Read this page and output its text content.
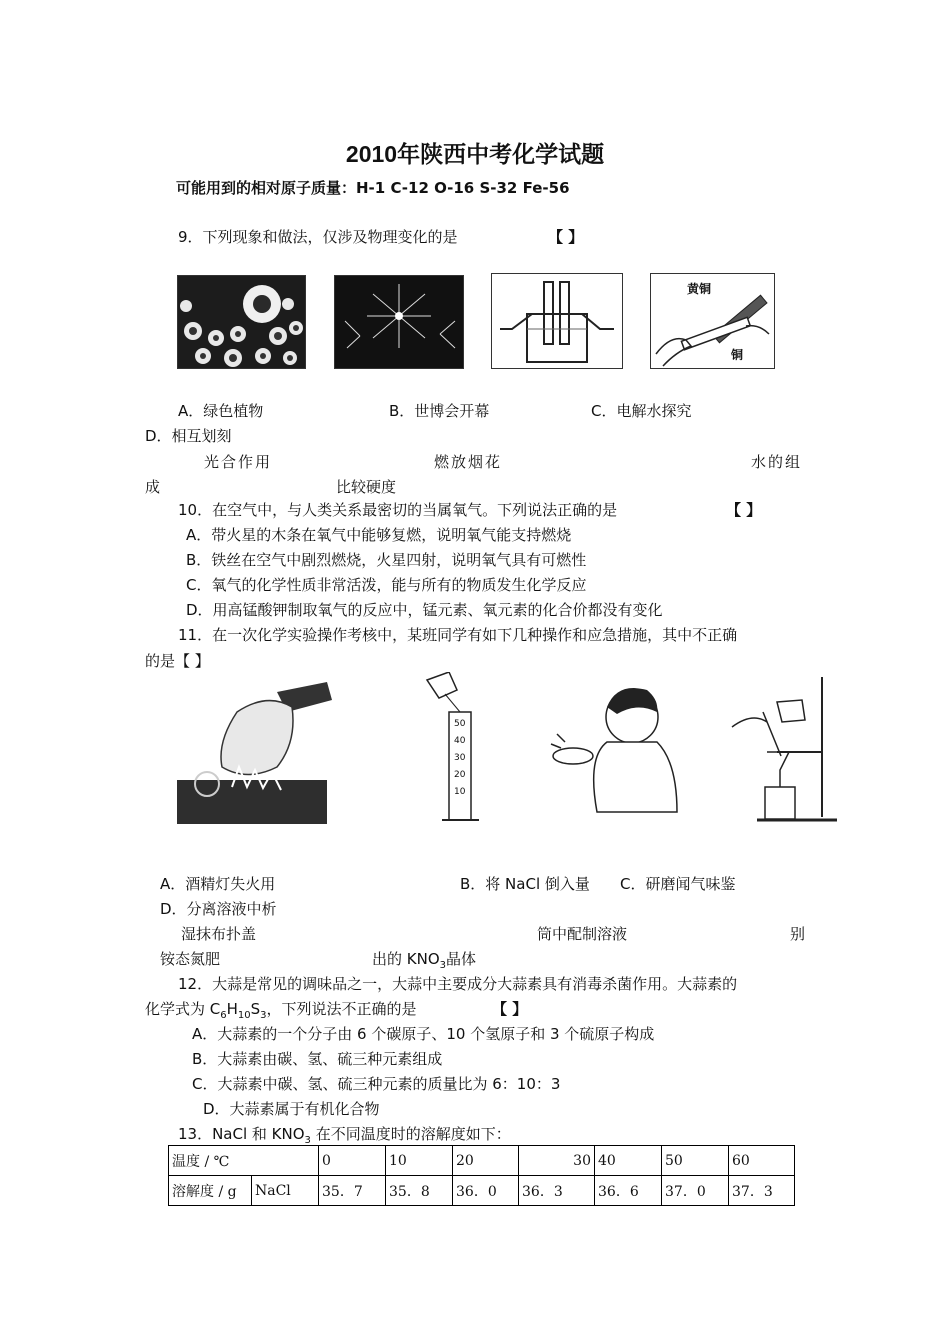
2010年陕西中考化学试题
可能用到的相对原子质量：H-1 C-12 O-16 S-32 Fe-56
9．下列现象和做法，仅涉及物理变化的是	【 】
黄铜
铜
A．绿色植物	B．世博会开幕	C．电解水探究
D．相互划刻
光合作用	燃放烟花	水的组
成	比较硬度
10．在空气中，与人类关系最密切的当属氧气。下列说法正确的是	【 】
A．带火星的木条在氧气中能够复燃，说明氧气能支持燃烧
B．铁丝在空气中剧烈燃烧，火星四射，说明氧气具有可燃性
C．氧气的化学性质非常活泼，能与所有的物质发生化学反应
D．用高锰酸钾制取氧气的反应中，锰元素、氧元素的化合价都没有变化
11．在一次化学实验操作考核中，某班同学有如下几种操作和应急措施，其中不正确
的是【 】
50
40
30
20
10
A．酒精灯失火用	B．将 NaCl 倒入量 C．研磨闻气味鉴
D．分离溶液中析
湿抹布扑盖	筒中配制溶液	别
铵态氮肥	出的 $KNO_3$晶体
12．大蒜是常见的调味品之一，大蒜中主要成分大蒜素具有消毒杀菌作用。大蒜素的
化学式为 $C_6H_{10}S_3$，下列说法不正确的是	【 】
A．大蒜素的一个分子由 6 个碳原子、10 个氢原子和 3 个硫原子构成
B．大蒜素由碳、氢、硫三种元素组成
C．大蒜素中碳、氢、硫三种元素的质量比为 6：10：3
D．大蒜素属于有机化合物
13．NaCl 和 $KNO_3$ 在不同温度时的溶解度如下：
温度 / ℃		0	10	20	30	40	50	60
溶解度 / g	NaCl	35．7	35．8	36．0	36．3	36．6	37．0	37．3
